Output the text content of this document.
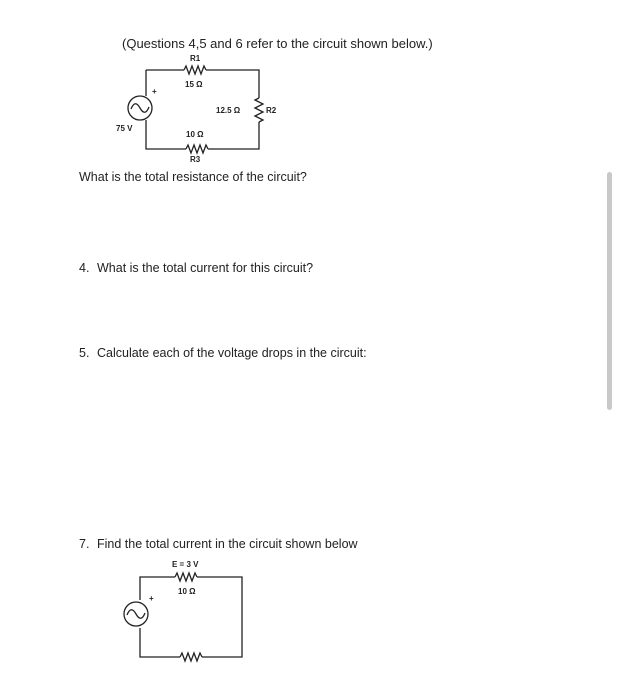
(Questions 4,5 and 6 refer to the circuit shown below.)
+
R1
15 Ω
12.5 Ω	R2
10 Ω
R3
75 V
+
E = 3 V
10 Ω
What is the total resistance of the circuit?
4. What is the total current for this circuit?
5. Calculate each of the voltage drops in the circuit:
7. Find the total current in the circuit shown below
